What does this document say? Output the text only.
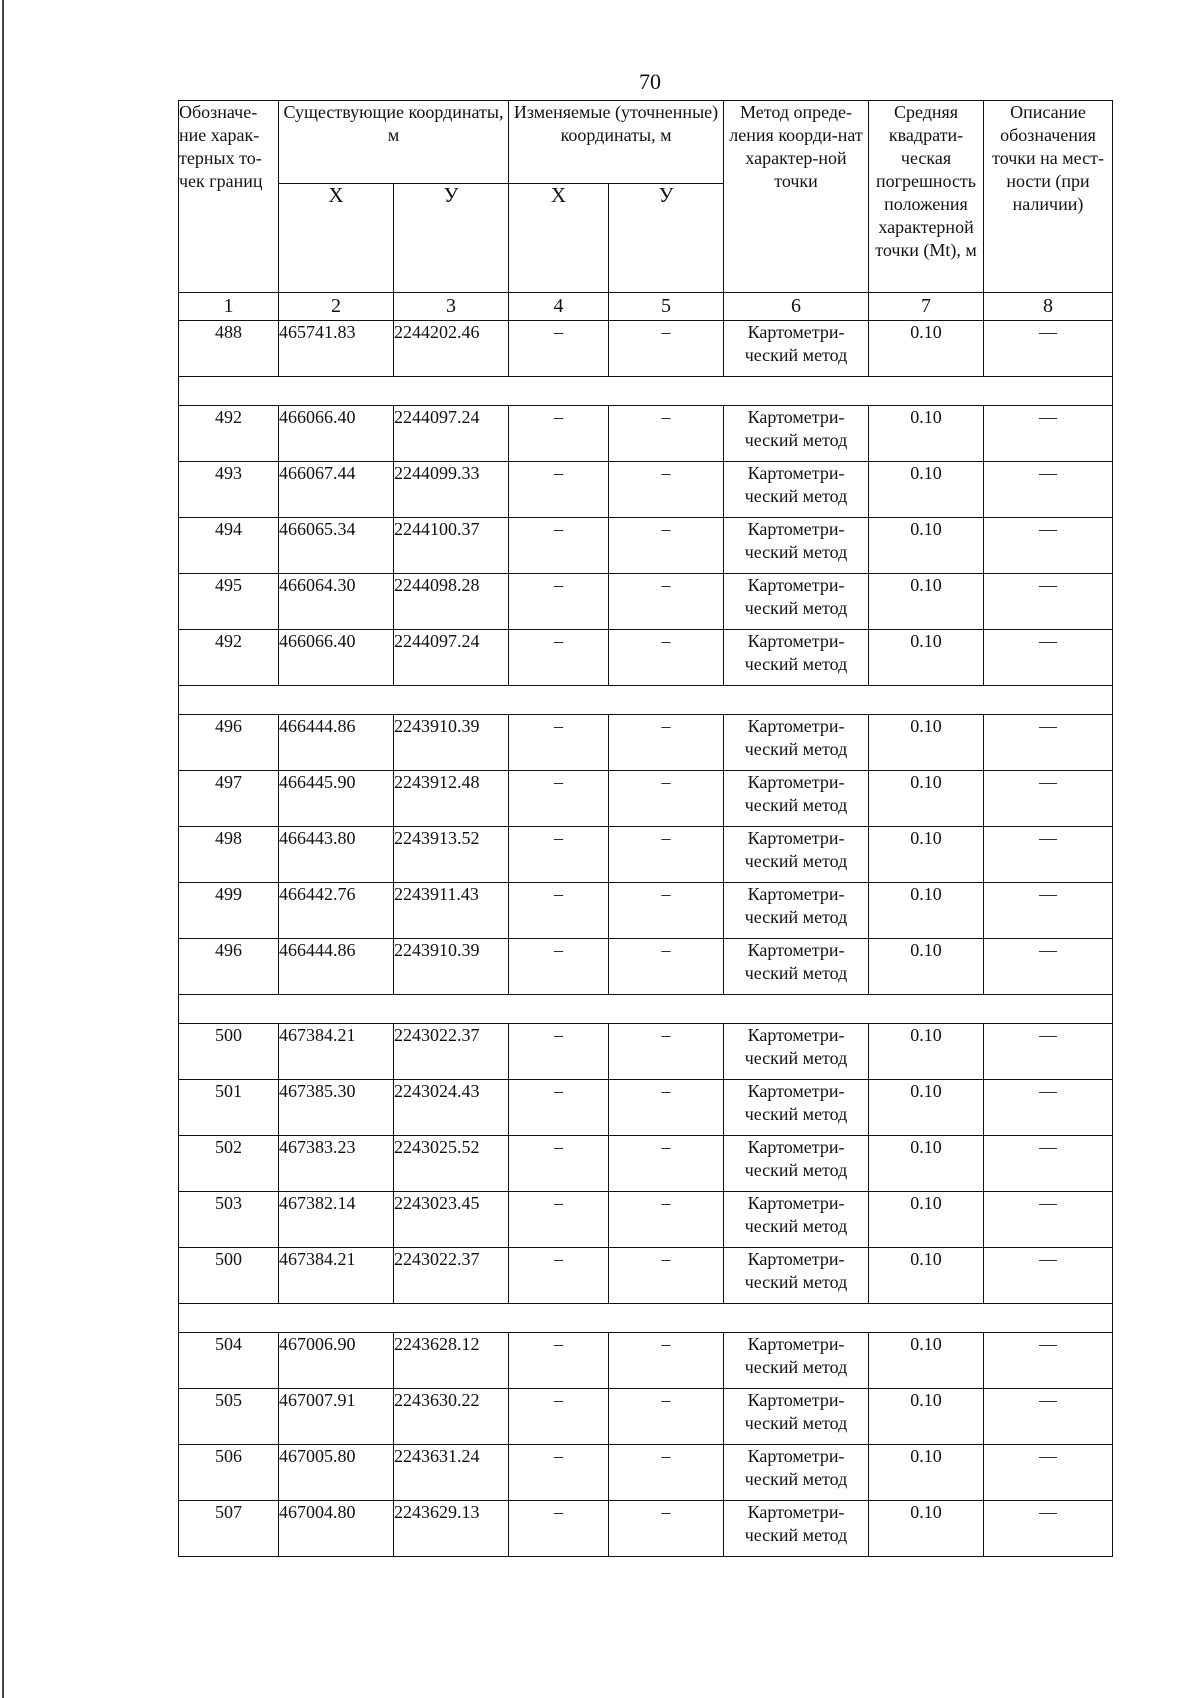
70
Обозначе-ние харак-терных то-чек границ	Существующие координаты, м		Изменяемые (уточненные) координаты, м		Метод опреде-ления коорди-нат характер-ной точки	Средняя квадрати-ческая погрешность положения характерной точки (Mt), м	Описание обозначения точки на мест-ности (при наличии)
	X	У	X	У			
1	2	3	4	5	6	7	8
488	465741.83	2244202.46	–	–	Картометри-ческий метод	0.10	—

492	466066.40	2244097.24	–	–	Картометри-ческий метод	0.10	—
493	466067.44	2244099.33	–	–	Картометри-ческий метод	0.10	—
494	466065.34	2244100.37	–	–	Картометри-ческий метод	0.10	—
495	466064.30	2244098.28	–	–	Картометри-ческий метод	0.10	—
492	466066.40	2244097.24	–	–	Картометри-ческий метод	0.10	—

496	466444.86	2243910.39	–	–	Картометри-ческий метод	0.10	—
497	466445.90	2243912.48	–	–	Картометри-ческий метод	0.10	—
498	466443.80	2243913.52	–	–	Картометри-ческий метод	0.10	—
499	466442.76	2243911.43	–	–	Картометри-ческий метод	0.10	—
496	466444.86	2243910.39	–	–	Картометри-ческий метод	0.10	—

500	467384.21	2243022.37	–	–	Картометри-ческий метод	0.10	—
501	467385.30	2243024.43	–	–	Картометри-ческий метод	0.10	—
502	467383.23	2243025.52	–	–	Картометри-ческий метод	0.10	—
503	467382.14	2243023.45	–	–	Картометри-ческий метод	0.10	—
500	467384.21	2243022.37	–	–	Картометри-ческий метод	0.10	—

504	467006.90	2243628.12	–	–	Картометри-ческий метод	0.10	—
505	467007.91	2243630.22	–	–	Картометри-ческий метод	0.10	—
506	467005.80	2243631.24	–	–	Картометри-ческий метод	0.10	—
507	467004.80	2243629.13	–	–	Картометри-ческий метод	0.10	—
